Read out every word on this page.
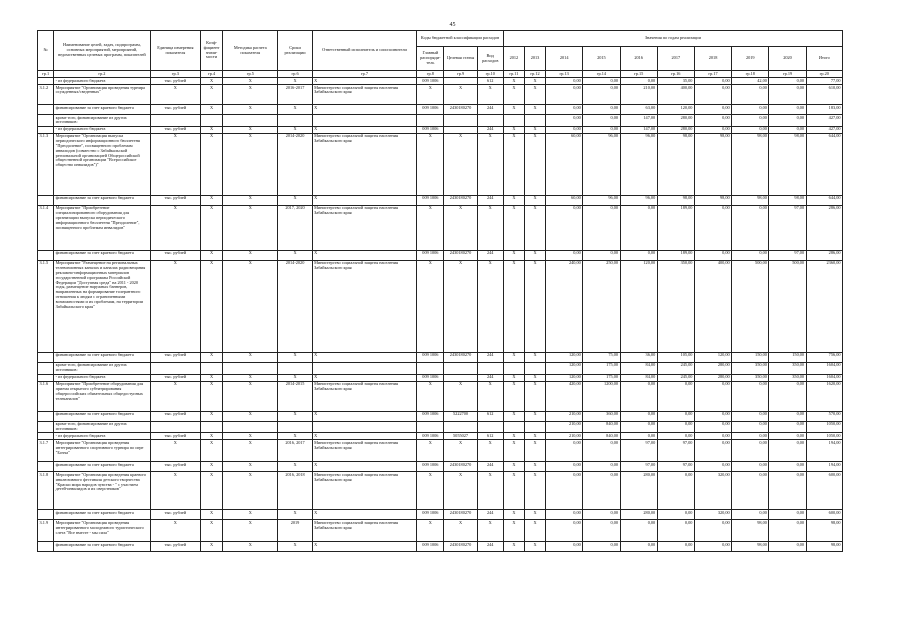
45
№	Наименование целей, задач, подпрограмм, основных мероприятий, мероприятий, ведомственных целевых программ, показателей	Единица измерения показателя	Коэф-фициент значи-мости	Методика расчета показателя	Сроки реализации	Ответственный исполнитель и соисполнители	Коды бюджетной классификации расходов			Значения по годам реализации									
							Главный распоряди-тель	Целевая статья	Вид расходов	2012	2013	2014	2015	2016	2017	2018	2019	2020	Итого
гр.1	гр.2	гр.3	гр.4	гр.5	гр.6	гр.7	гр.8	гр.9	гр.10	гр.11	гр.12	гр.13	гр.14	гр.15	гр.16	гр.17	гр.18	гр.19	гр.20
	- из федерального бюджета	тыс. рублей	Х	Х	Х	Х	009 1006		612	Х	Х	0,00	0,00	0,00	35,00	0,00	42,00	0,00	77,00
3.1.2	Мероприятие "Организация проведения турнира осужденных/сведенных"	Х	Х	Х	2016-2017	Министерство социальной защиты населения Забайкальского края	Х	Х	Х	Х	Х	0,00	0,00	210,00	400,00	0,00	0,00	0,00	610,00
	финансирование за счет краевого бюджета	тыс. рублей	Х	Х	Х	Х	009 1006	2430180270	244	Х	Х	0,00	0,00	63,00	120,00	0,00	0,00	0,00	183,00
	кроме того, финансирование из других источников:											0,00	0,00	147,00	280,00	0,00	0,00	0,00	427,00
	- из федерального бюджета	тыс. рублей	Х	Х	Х	Х	009 1006		244	Х	Х	0,00	0,00	147,00	280,00	0,00	0,00	0,00	427,00
3.1.3	Мероприятие "Организация выпуска периодического информационного бюллетеня "Преодоление", посвященного проблемам инвалидов (совместно с Забайкальской региональной организацией Общероссийской общественной организации "Всероссийское общество инвалидов")"	Х	Х	Х	2014-2020	Министерство социальной защиты населения Забайкальского края	Х	Х	Х	Х	Х	60,00	96,00	96,00	98,00	98,00	98,00	98,00	644,00
	финансирование за счет краевого бюджета	тыс. рублей	Х	Х	Х	Х	009 1006	2430180270	244	Х	Х	60,00	96,00	96,00	98,00	98,00	98,00	98,00	644,00
3.1.4	Мероприятие "Приобретение специализированного оборудования для организации выпуска периодического информационного бюллетеня "Преодоление", посвященного проблемам инвалидов"	Х	Х	Х	2017, 2020	Министерство социальной защиты населения Забайкальского края	Х	Х	Х	Х	Х	0,00	0,00	0,00	189,00	0,00	0,00	97,00	286,00
	финансирование за счет краевого бюджета	тыс. рублей	Х	Х	Х	Х	009 1006	2430180270	244	Х	Х	0,00	0,00	0,00	189,00	0,00	0,00	97,00	286,00
3.1.5	Мероприятие "Размещение на региональных телевизионных каналах и каналах радиовещания рекламно-информационных материалов государственной программы Российской Федерации "Доступная среда" на 2011 - 2020 годы, размещение наружных баннеров, направленных на формирование толерантного отношения к людям с ограниченными возможностями и их проблемам, на территории Забайкальского края"	Х	Х	Х	2014-2020	Министерство социальной защиты населения Забайкальского края	Х	Х	Х	Х	Х	240,00	250,00	120,00	350,00	400,00	500,00	500,00	2360,00
	финансирование за счет краевого бюджета	тыс. рублей	Х	Х	Х	Х	009 1006	2430180270	244	Х	Х	120,00	75,00	36,00	105,00	120,00	150,00	150,00	756,00
	кроме того, финансирование из других источников:											120,00	175,00	84,00	245,00	280,00	350,00	350,00	1604,00
	- из федерального бюджета	тыс. рублей	Х	Х	Х	Х	009 1006		244	Х	Х	120,00	175,00	84,00	245,00	280,00	350,00	350,00	1604,00
3.1.6	Мероприятие "Приобретение оборудования для приема открытого субтитрирования общероссийских обязательных общедоступных телеканалов"	Х	Х	Х	2014-2015	Министерство социальной защиты населения Забайкальского края	Х	Х	Х	Х	Х	420,00	1200,00	0,00	0,00	0,00	0,00	0,00	1620,00
	финансирование за счет краевого бюджета	тыс. рублей	Х	Х	Х	Х	009 1006	5222700	612	Х	Х	210,00	360,00	0,00	0,00	0,00	0,00	0,00	570,00
	кроме того, финансирование из других источников:											210,00	840,00	0,00	0,00	0,00	0,00	0,00	1050,00
	- из федерального бюджета	тыс. рублей	Х	Х	Х	Х	009 1006	5055027	612	Х	Х	210,00	840,00	0,00	0,00	0,00	0,00	0,00	1050,00
3.1.7	Мероприятие "Организация проведения интегрированного спортивного турнира по игре "Бочча"	Х	Х	Х	2016, 2017	Министерство социальной защиты населения Забайкальского края	Х	Х	Х	Х	Х	0,00	0,00	97,00	97,00	0,00	0,00	0,00	194,00
	финансирование за счет краевого бюджета	тыс. рублей	Х	Х	Х	Х	009 1006	2430180270	244	Х	Х	0,00	0,00	97,00	97,00	0,00	0,00	0,00	194,00
3.1.8	Мероприятие "Организация проведения краевого инклюзивного фестиваля детского творчества "Краски мира народов чувства - " с участием детей-инвалидов и их сверстников"	Х	Х	Х	2016, 2018	Министерство социальной защиты населения Забайкальского края	Х	Х	Х	Х	Х	0,00	0,00	280,00	0,00	320,00	0,00	0,00	600,00
	финансирование за счет краевого бюджета	тыс. рублей	Х	Х	Х	Х	009 1006	2430180270	244	Х	Х	0,00	0,00	280,00	0,00	320,00	0,00	0,00	600,00
3.1.9	Мероприятие "Организация проведения интегрированного молодежного туристического слета "Все вместе - мы сила"	Х	Х	Х	2019	Министерство социальной защиты населения Забайкальского края	Х	Х	Х	Х	Х	0,00	0,00	0,00	0,00	0,00	98,00	0,00	98,00
	финансирование за счет краевого бюджета	тыс. рублей	Х	Х	Х	Х	009 1006	2430180270	244	Х	Х	0,00	0,00	0,00	0,00	0,00	98,00	0,00	98,00
